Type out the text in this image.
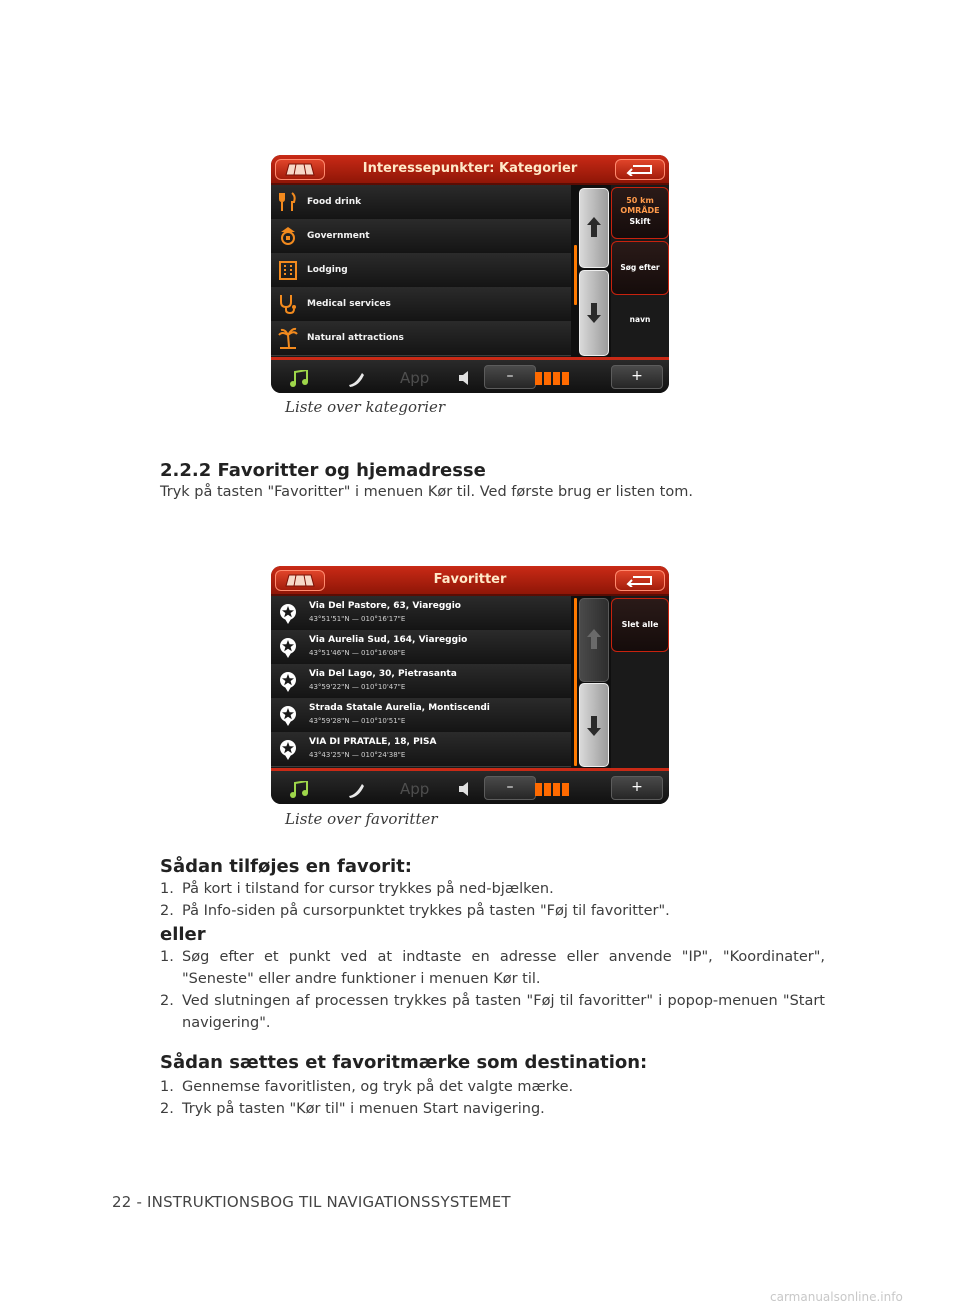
Interessepunkter: Kategorier
Food drink
Government
Lodging
Medical services
Natural attractions
50 km
OMRÅDE
Skift
Søg efter navn
App	–	+
Liste over kategorier
2.2.2 Favoritter og hjemadresse
Tryk på tasten "Favoritter" i menuen Kør til. Ved første brug er listen tom.
Favoritter
Via Del Pastore, 63, Viareggio
43°51'51"N — 010°16'17"E
Via Aurelia Sud, 164, Viareggio
43°51'46"N — 010°16'08"E
Via Del Lago, 30, Pietrasanta
43°59'22"N — 010°10'47"E
Strada Statale Aurelia, Montiscendi
43°59'28"N — 010°10'51"E
VIA DI PRATALE, 18, PISA
43°43'25"N — 010°24'38"E
Slet alle
App	–	+
Liste over favoritter
Sådan tilføjes en favorit:
1. På kort i tilstand for cursor trykkes på ned-bjælken.
2. På Info-siden på cursorpunktet trykkes på tasten "Føj til favoritter".
eller
1. Søg efter et punkt ved at indtaste en adresse eller anvende "IP", "Koordinater", "Seneste" eller andre funktioner i menuen Kør til.
2. Ved slutningen af processen trykkes på tasten "Føj til favoritter" i popop-menuen "Start navigering".
Sådan sættes et favoritmærke som destination:
1. Gennemse favoritlisten, og tryk på det valgte mærke.
2. Tryk på tasten "Kør til" i menuen Start navigering.
22 - INSTRUKTIONSBOG TIL NAVIGATIONSSYSTEMET
carmanualsonline.info
